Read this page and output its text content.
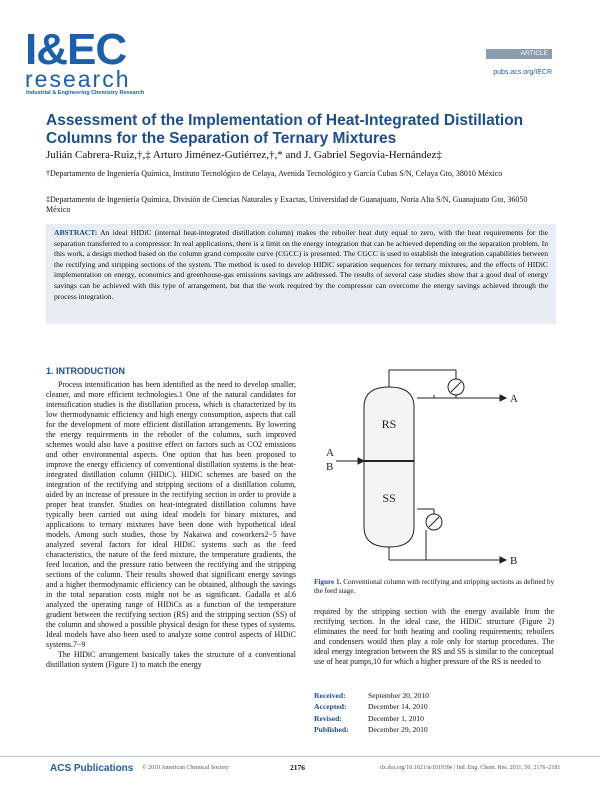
I&EC
research
Industrial & Engineering Chemistry Research
ARTICLE
pubs.acs.org/IECR
Assessment of the Implementation of Heat-Integrated Distillation Columns for the Separation of Ternary Mixtures
Julián Cabrera-Ruiz,†,‡ Arturo Jiménez-Gutiérrez,†,* and J. Gabriel Segovia-Hernández‡
†Departamento de Ingeniería Química, Instituto Tecnológico de Celaya, Avenida Tecnológico y García Cubas S/N, Celaya Gto, 38010 México
‡Departamento de Ingeniería Química, División de Ciencias Naturales y Exactas, Universidad de Guanajuato, Noria Alta S/N, Guanajuato Gto, 36050 México
ABSTRACT: An ideal HIDiC (internal heat-integrated distillation column) makes the reboiler heat duty equal to zero, with the heat requirements for the separation transferred to a compressor. In real applications, there is a limit on the energy integration that can be achieved depending on the separation problem. In this work, a design method based on the column grand composite curve (CGCC) is presented. The CGCC is used to establish the integration capabilities between the rectifying and stripping sections of the system. The method is used to develop HIDiC separation sequences for ternary mixtures, and the effects of HIDiC implementation on energy, economics and greenhouse-gas emissions savings are addressed. The results of several case studies show that a good deal of energy savings can be achieved with this type of arrangement, but that the work required by the compressor can overcome the energy savings achieved through the process integration.
1. INTRODUCTION

Process intensification has been identified as the need to develop smaller, cleaner, and more efficient technologies.1 One of the natural candidates for intensification studies is the distillation process, which is characterized by its low thermodynamic efficiency and high energy consumption, aspects that call for the development of more efficient distillation arrangements. By lowering the energy requirements in the reboiler of the columns, such improved schemes would also have a positive effect on factors such as CO2 emissions and other environmental aspects. One option that has been proposed to improve the energy efficiency of conventional distillation systems is the heat-integrated distillation column (HIDiC). HIDiC schemes are based on the integration of the rectifying and stripping sections of a distillation column, aided by an increase of pressure in the rectifying section in order to provide a proper heat transfer. Studies on heat-integrated distillation columns have typically been carried out using ideal models for binary mixtures, and applications to ternary mixtures have been done with hypothetical ideal models. Among such studies, those by Nakaiwa and coworkers2−5 have analyzed several factors for ideal HIDiC systems such as the feed characteristics, the nature of the feed mixture, the temperature gradients, the feed location, and the pressure ratio between the rectifying and the stripping sections of the column. Their results showed that significant energy savings and a higher thermodynamic efficiency can be obtained, although the savings in the total separation costs might not be as significant. Gadalla et al.6 analyzed the operating range of HIDiCs as a function of the temperature gradient between the rectifying section (RS) and the stripping section (SS) of the column and showed a possible physical design for these types of systems. Ideal models have also been used to analyze some control aspects of HIDiC systems.7−9

The HIDiC arrangement basically takes the structure of a conventional distillation system (Figure 1) to match the energy

RS
SS
A
A
B
B
Figure 1. Conventional column with rectifying and stripping sections as defined by the feed stage.
required by the stripping section with the energy available from the rectifying section. In the ideal case, the HIDiC structure (Figure 2) eliminates the need for both heating and cooling requirements; reboilers and condensers would then play a role only for startup procedures. The ideal energy integration between the RS and SS is similar to the conceptual use of heat pumps,10 for which a higher pressure of the RS is needed to
Received:	September 20, 2010
Accepted:	December 14, 2010
Revised:	December 1, 2010
Published:	December 29, 2010
ACS Publications © 2010 American Chemical Society	2176	dx.doi.org/10.1021/ie101939e | Ind. Eng. Chem. Res. 2011, 50, 2176–2181
